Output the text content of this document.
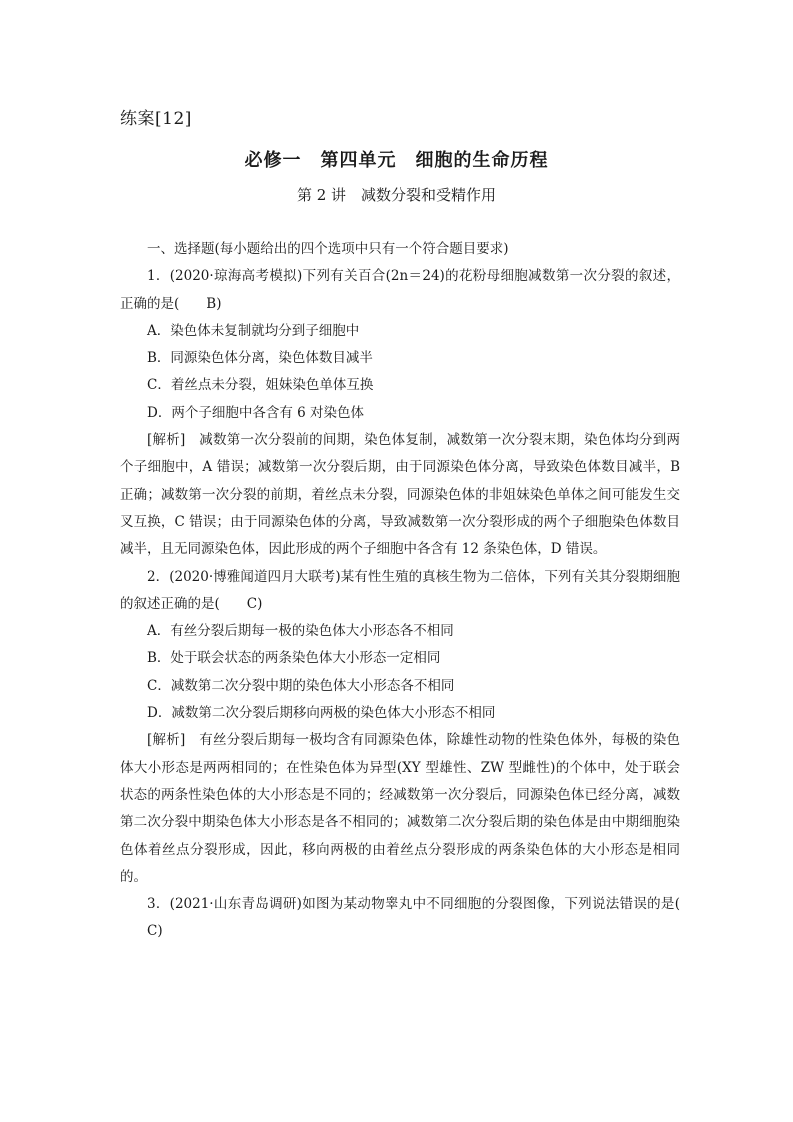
练案[12]
必修一　第四单元　细胞的生命历程
第 2 讲　减数分裂和受精作用

一、选择题(每小题给出的四个选项中只有一个符合题目要求)

1．(2020·琼海高考模拟)下列有关百合(2n＝24)的花粉母细胞减数第一次分裂的叙述，正确的是( B)

A．染色体未复制就均分到子细胞中

B．同源染色体分离，染色体数目减半

C．着丝点未分裂，姐妹染色单体互换

D．两个子细胞中各含有 6 对染色体

[解析]　减数第一次分裂前的间期，染色体复制，减数第一次分裂末期，染色体均分到两个子细胞中，A 错误；减数第一次分裂后期，由于同源染色体分离，导致染色体数目减半，B 正确；减数第一次分裂的前期，着丝点未分裂，同源染色体的非姐妹染色单体之间可能发生交叉互换，C 错误；由于同源染色体的分离，导致减数第一次分裂形成的两个子细胞染色体数目减半，且无同源染色体，因此形成的两个子细胞中各含有 12 条染色体，D 错误。

2．(2020·博雅闻道四月大联考)某有性生殖的真核生物为二倍体，下列有关其分裂期细胞的叙述正确的是( C)

A．有丝分裂后期每一极的染色体大小形态各不相同

B．处于联会状态的两条染色体大小形态一定相同

C．减数第二次分裂中期的染色体大小形态各不相同

D．减数第二次分裂后期移向两极的染色体大小形态不相同

[解析]　有丝分裂后期每一极均含有同源染色体，除雄性动物的性染色体外，每极的染色体大小形态是两两相同的；在性染色体为异型(XY 型雄性、ZW 型雌性)的个体中，处于联会状态的两条性染色体的大小形态是不同的；经减数第一次分裂后，同源染色体已经分离，减数第二次分裂中期染色体大小形态是各不相同的；减数第二次分裂后期的染色体是由中期细胞染色体着丝点分裂形成，因此，移向两极的由着丝点分裂形成的两条染色体的大小形态是相同的。

3．(2021·山东青岛调研)如图为某动物睾丸中不同细胞的分裂图像，下列说法错误的是(C)
